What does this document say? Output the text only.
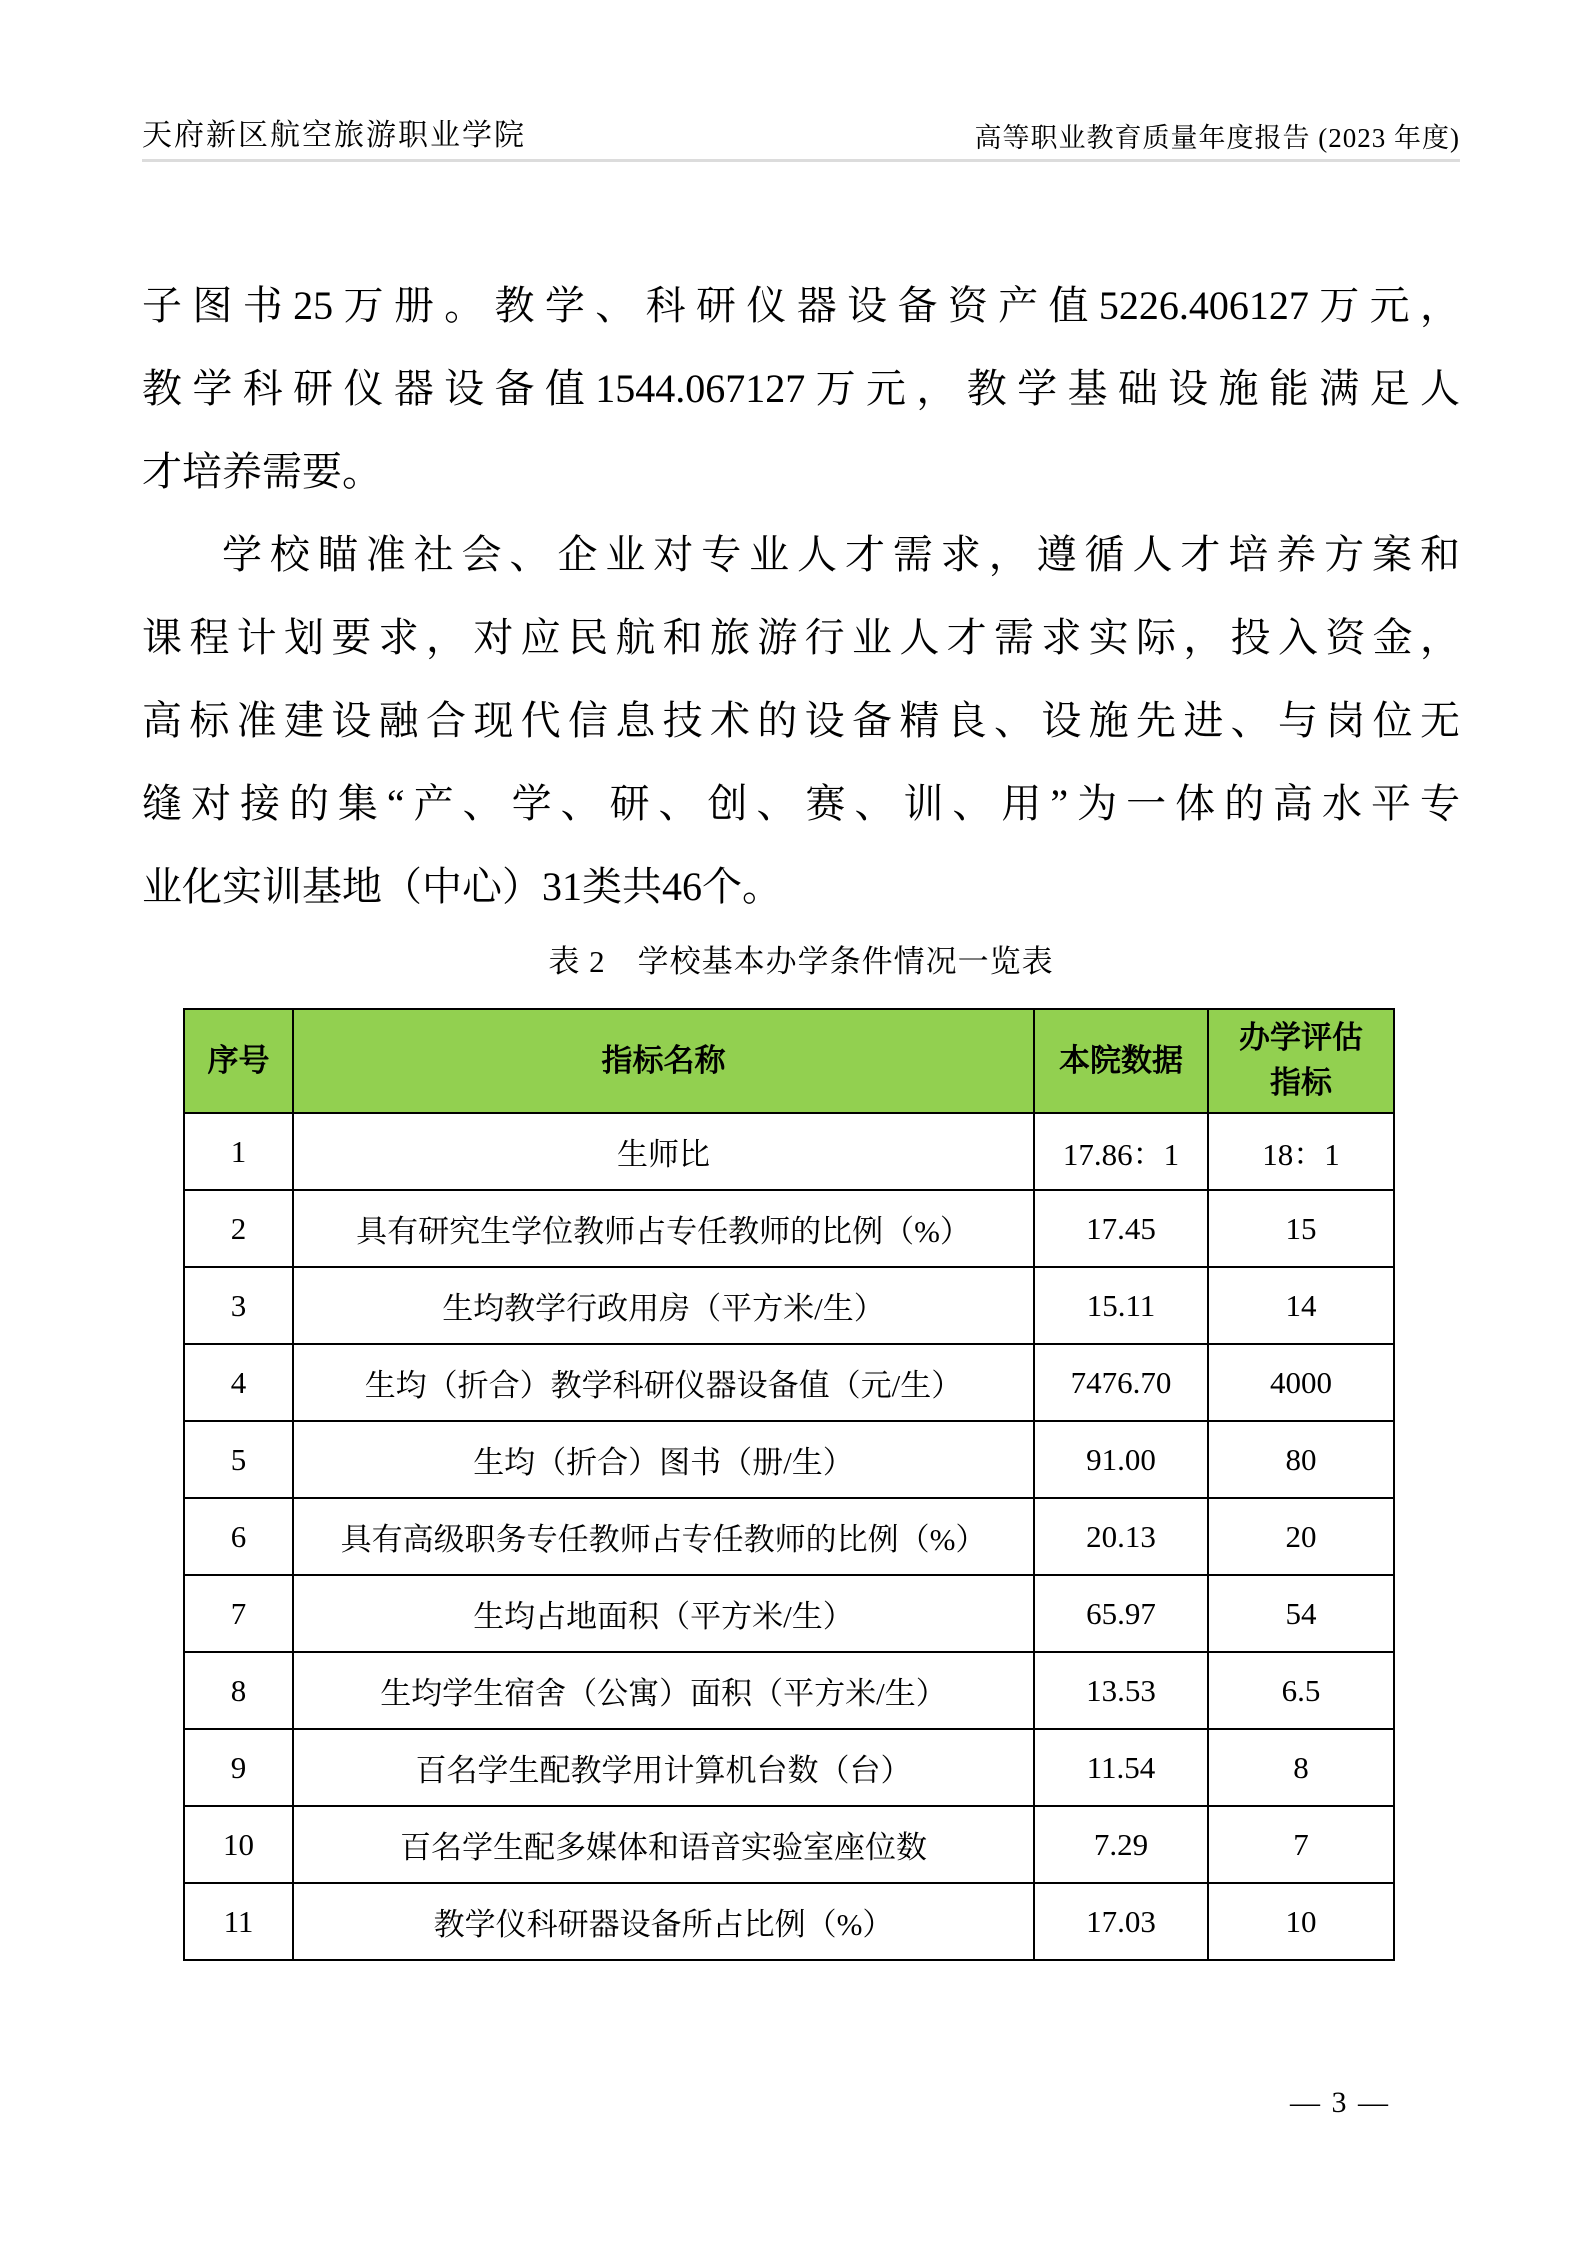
天府新区航空旅游职业学院	高等职业教育质量年度报告 (2023 年度)
子图书25万册。教学、科研仪器设备资产值5226.406127万元，
教学科研仪器设备值1544.067127万元，教学基础设施能满足人
才培养需要。
学校瞄准社会、企业对专业人才需求，遵循人才培养方案和
课程计划要求，对应民航和旅游行业人才需求实际，投入资金，
高标准建设融合现代信息技术的设备精良、设施先进、与岗位无
缝对接的集“产、学、研、创、赛、训、用”为一体的高水平专
业化实训基地（中心）31类共46个。
表 2　学校基本办学条件情况一览表
序号	指标名称	本院数据	办学评估
指标
1	生师比	17.86：1	18：1
2	具有研究生学位教师占专任教师的比例（%）	17.45	15
3	生均教学行政用房（平方米/生）	15.11	14
4	生均（折合）教学科研仪器设备值（元/生）	7476.70	4000
5	生均（折合）图书（册/生）	91.00	80
6	具有高级职务专任教师占专任教师的比例（%）	20.13	20
7	生均占地面积（平方米/生）	65.97	54
8	生均学生宿舍（公寓）面积（平方米/生）	13.53	6.5
9	百名学生配教学用计算机台数（台）	11.54	8
10	百名学生配多媒体和语音实验室座位数	7.29	7
11	教学仪科研器设备所占比例（%）	17.03	10
— 3 —
